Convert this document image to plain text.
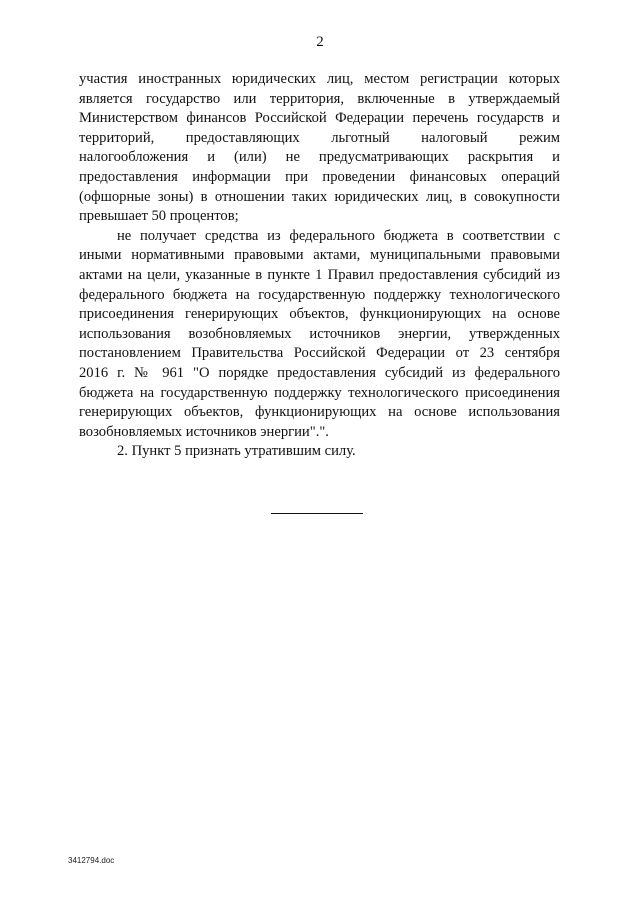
2
участия иностранных юридических лиц, местом регистрации которых
является государство или территория, включенные в утверждаемый
Министерством финансов Российской Федерации перечень государств и
территорий, предоставляющих льготный налоговый режим
налогообложения и (или) не предусматривающих раскрытия и
предоставления информации при проведении финансовых операций
(офшорные зоны) в отношении таких юридических лиц, в совокупности
превышает 50 процентов;
не получает средства из федерального бюджета в соответствии с
иными нормативными правовыми актами, муниципальными правовыми
актами на цели, указанные в пункте 1 Правил предоставления субсидий из
федерального бюджета на государственную поддержку технологического
присоединения генерирующих объектов, функционирующих на основе
использования возобновляемых источников энергии, утвержденных
постановлением Правительства Российской Федерации от 23 сентября
2016 г. № 961 "О порядке предоставления субсидий из федерального
бюджета на государственную поддержку технологического присоединения
генерирующих объектов, функционирующих на основе использования
возобновляемых источников энергии".".
2. Пункт 5 признать утратившим силу.
3412794.doc
